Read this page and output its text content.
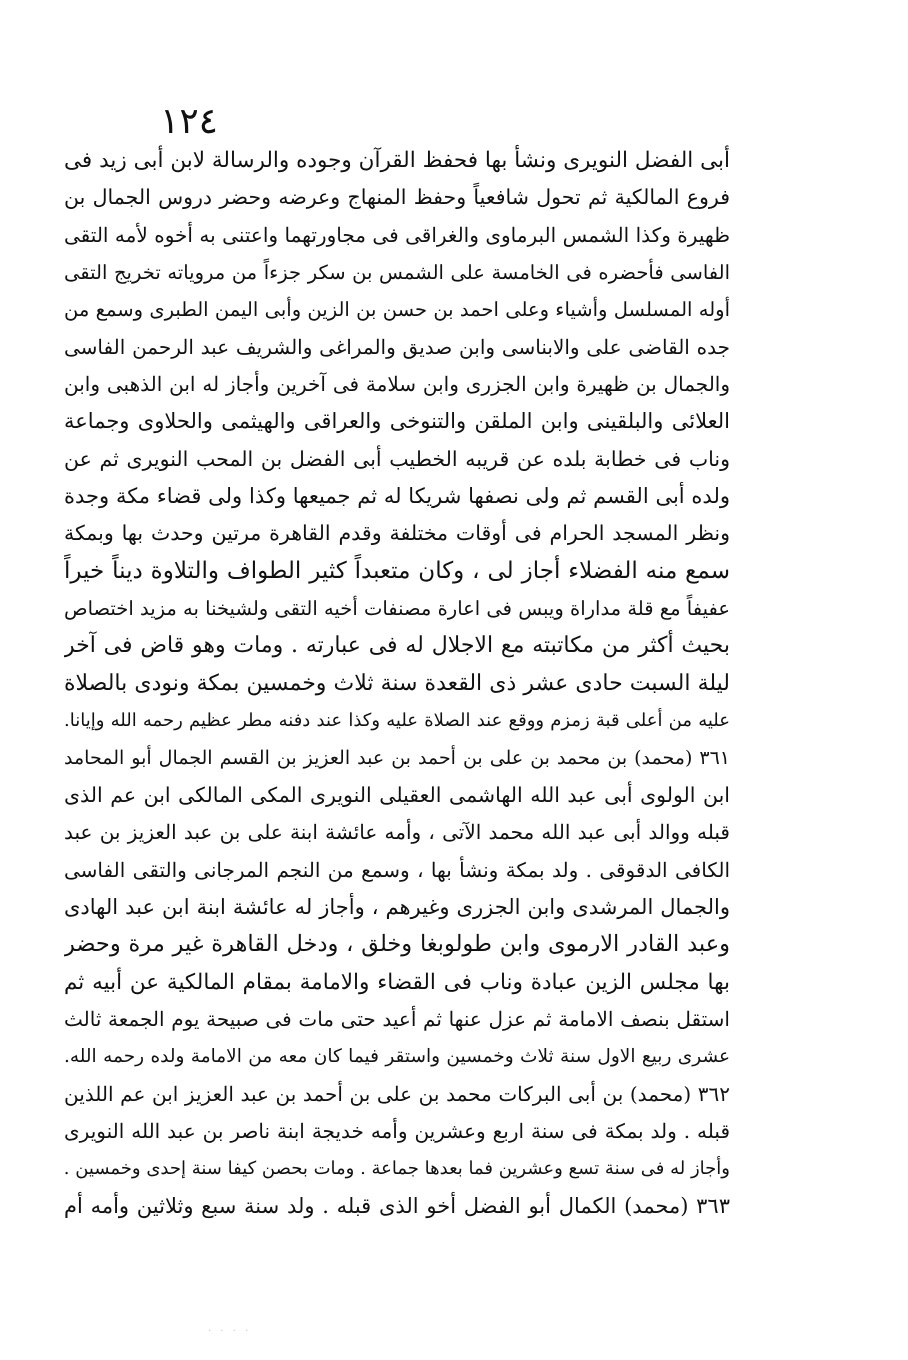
١٢٤
أبى الفضل النويرى ونشأ بها فحفظ القرآن وجوده والرسالة لابن أبى زيد فى
فروع المالكية ثم تحول شافعياً وحفظ المنهاج وعرضه وحضر دروس الجمال بن
ظهيرة وكذا الشمس البرماوى والغراقى فى مجاورتهما واعتنى به أخوه لأمه التقى
الفاسى فأحضره فى الخامسة على الشمس بن سكر جزءاً من مروياته تخريج التقى
أوله المسلسل وأشياء وعلى احمد بن حسن بن الزين وأبى اليمن الطبرى وسمع من
جده القاضى على والابناسى وابن صديق والمراغى والشريف عبد الرحمن الفاسى
والجمال بن ظهيرة وابن الجزرى وابن سلامة فى آخرين وأجاز له ابن الذهبى وابن
العلائى والبلقينى وابن الملقن والتنوخى والعراقى والهيثمى والحلاوى وجماعة
وناب فى خطابة بلده عن قريبه الخطيب أبى الفضل بن المحب النويرى ثم عن
ولده أبى القسم ثم ولى نصفها شريكا له ثم جميعها وكذا ولى قضاء مكة وجدة
ونظر المسجد الحرام فى أوقات مختلفة وقدم القاهرة مرتين وحدث بها وبمكة
سمع منه الفضلاء أجاز لى ، وكان متعبداً كثير الطواف والتلاوة ديناً خيراً
عفيفاً مع قلة مداراة ويبس فى اعارة مصنفات أخيه التقى ولشيخنا به مزيد اختصاص
بحيث أكثر من مكاتبته مع الاجلال له فى عبارته . ومات وهو قاض فى آخر
ليلة السبت حادى عشر ذى القعدة سنة ثلاث وخمسين بمكة ونودى بالصلاة
عليه من أعلى قبة زمزم ووقع عند الصلاة عليه وكذا عند دفنه مطر عظيم رحمه الله وإيانا.
٣٦١ (محمد) بن محمد بن على بن أحمد بن عبد العزيز بن القسم الجمال أبو المحامد
ابن الولوى أبى عبد الله الهاشمى العقيلى النويرى المكى المالكى ابن عم الذى
قبله ووالد أبى عبد الله محمد الآتى ، وأمه عائشة ابنة على بن عبد العزيز بن عبد
الكافى الدقوقى . ولد بمكة ونشأ بها ، وسمع من النجم المرجانى والتقى الفاسى
والجمال المرشدى وابن الجزرى وغيرهم ، وأجاز له عائشة ابنة ابن عبد الهادى
وعبد القادر الارموى وابن طولوبغا وخلق ، ودخل القاهرة غير مرة وحضر
بها مجلس الزين عبادة وناب فى القضاء والامامة بمقام المالكية عن أبيه ثم
استقل بنصف الامامة ثم عزل عنها ثم أعيد حتى مات فى صبيحة يوم الجمعة ثالث
عشرى ربيع الاول سنة ثلاث وخمسين واستقر فيما كان معه من الامامة ولده رحمه الله.
٣٦٢ (محمد) بن أبى البركات محمد بن على بن أحمد بن عبد العزيز ابن عم اللذين
قبله . ولد بمكة فى سنة اربع وعشرين وأمه خديجة ابنة ناصر بن عبد الله النويرى
وأجاز له فى سنة تسع وعشرين فما بعدها جماعة . ومات بحصن كيفا سنة إحدى وخمسين .
٣٦٣ (محمد) الكمال أبو الفضل أخو الذى قبله . ولد سنة سبع وثلاثين وأمه أم
· · · ·
